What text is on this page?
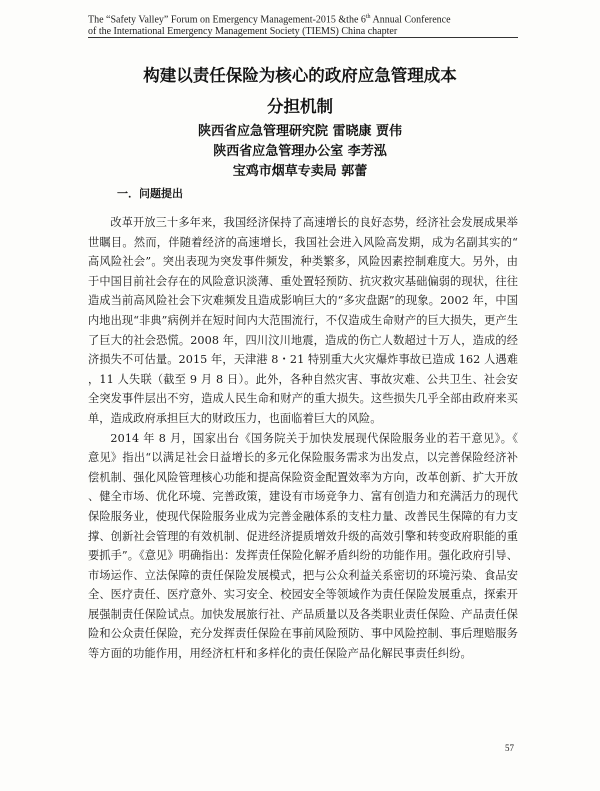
The “Safety Valley” Forum on Emergency Management-2015 &the 6th Annual Conference
of the International Emergency Management Society (TIEMS) China chapter
构建以责任保险为核心的政府应急管理成本
分担机制
陕西省应急管理研究院 雷晓康 贾伟
陕西省应急管理办公室 李芳泓
宝鸡市烟草专卖局 郭蕾
一．问题提出

改革开放三十多年来，我国经济保持了高速增长的良好态势，经济社会发展成果举世瞩目。然而，伴随着经济的高速增长，我国社会进入风险高发期，成为名副其实的“高风险社会”。突出表现为突发事件频发，种类繁多，风险因素控制难度大。另外，由于中国目前社会存在的风险意识淡薄、重处置轻预防、抗灾救灾基础偏弱的现状，往往造成当前高风险社会下灾难频发且造成影响巨大的“多灾盘踞”的现象。2002 年，中国内地出现“非典”病例并在短时间内大范围流行，不仅造成生命财产的巨大损失，更产生了巨大的社会恐慌。2008 年，四川汶川地震，造成的伤亡人数超过十万人，造成的经济损失不可估量。2015 年，天津港 8・21 特别重大火灾爆炸事故已造成 162 人遇难，11 人失联（截至 9 月 8 日）。此外，各种自然灾害、事故灾难、公共卫生、社会安全突发事件层出不穷，造成人民生命和财产的重大损失。这些损失几乎全部由政府来买单，造成政府承担巨大的财政压力，也面临着巨大的风险。

2014 年 8 月，国家出台《国务院关于加快发展现代保险服务业的若干意见》。《意见》指出“以满足社会日益增长的多元化保险服务需求为出发点，以完善保险经济补偿机制、强化风险管理核心功能和提高保险资金配置效率为方向，改革创新、扩大开放、健全市场、优化环境、完善政策，建设有市场竞争力、富有创造力和充满活力的现代保险服务业，使现代保险服务业成为完善金融体系的支柱力量、改善民生保障的有力支撑、创新社会管理的有效机制、促进经济提质增效升级的高效引擎和转变政府职能的重要抓手”。《意见》明确指出：发挥责任保险化解矛盾纠纷的功能作用。强化政府引导、市场运作、立法保障的责任保险发展模式，把与公众利益关系密切的环境污染、食品安全、医疗责任、医疗意外、实习安全、校园安全等领域作为责任保险发展重点，探索开展强制责任保险试点。加快发展旅行社、产品质量以及各类职业责任保险、产品责任保险和公众责任保险，充分发挥责任保险在事前风险预防、事中风险控制、事后理赔服务等方面的功能作用，用经济杠杆和多样化的责任保险产品化解民事责任纠纷。

57
